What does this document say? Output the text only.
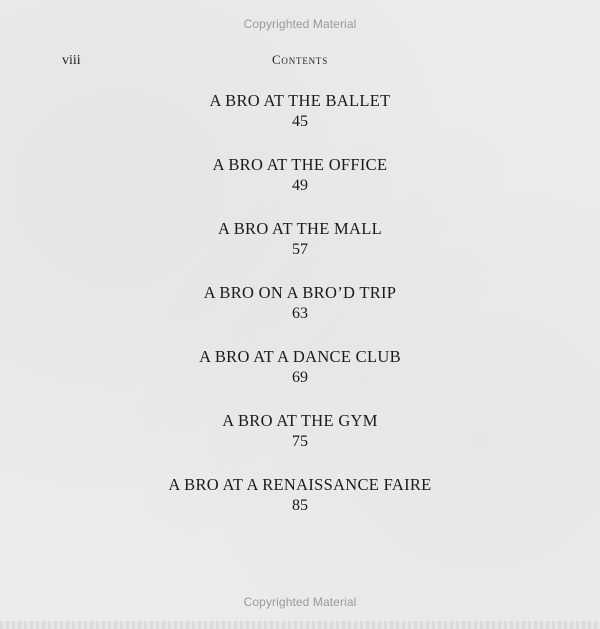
Copyrighted Material
viii	Contents
A BRO AT THE BALLET
45
A BRO AT THE OFFICE
49
A BRO AT THE MALL
57
A BRO ON A BRO’D TRIP
63
A BRO AT A DANCE CLUB
69
A BRO AT THE GYM
75
A BRO AT A RENAISSANCE FAIRE
85
Copyrighted Material
